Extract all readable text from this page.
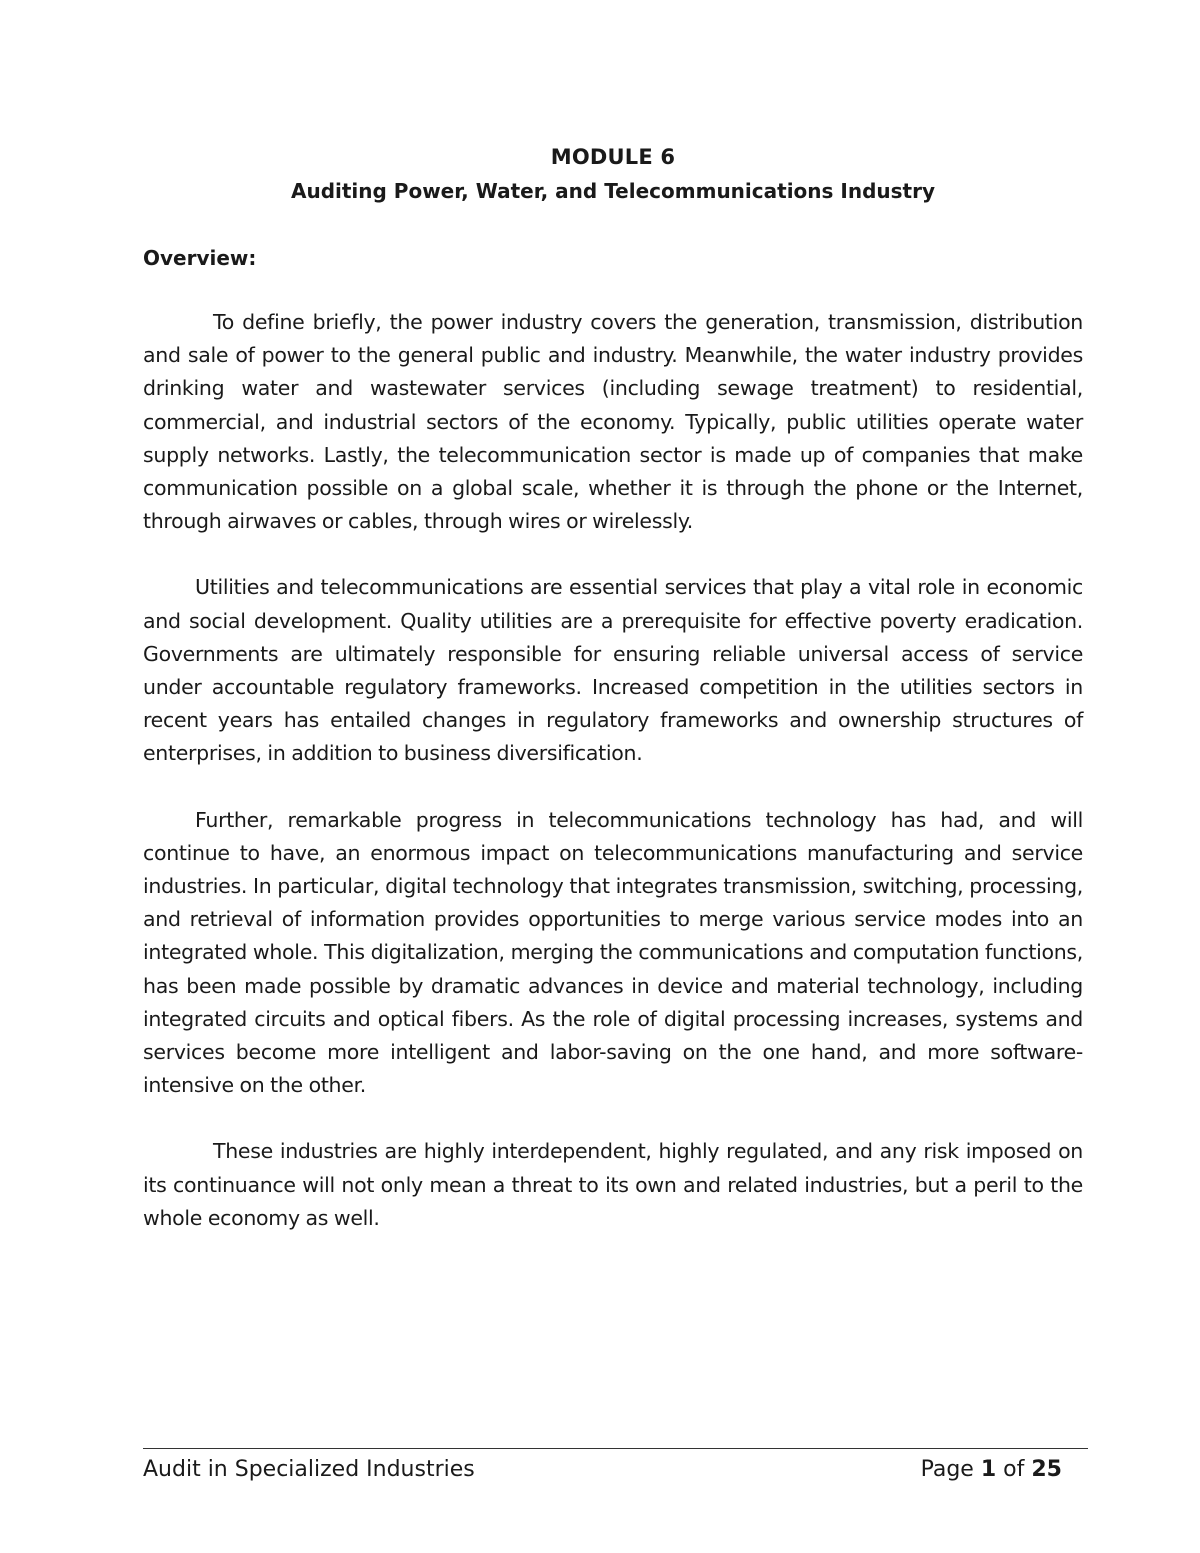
MODULE 6
Auditing Power, Water, and Telecommunications Industry
Overview:

To define briefly, the power industry covers the generation, transmission, distribution and sale of power to the general public and industry. Meanwhile, the water industry provides drinking water and wastewater services (including sewage treatment) to residential, commercial, and industrial sectors of the economy. Typically, public utilities operate water supply networks. Lastly, the telecommunication sector is made up of companies that make communication possible on a global scale, whether it is through the phone or the Internet, through airwaves or cables, through wires or wirelessly.

Utilities and telecommunications are essential services that play a vital role in economic and social development. Quality utilities are a prerequisite for effective poverty eradication. Governments are ultimately responsible for ensuring reliable universal access of service under accountable regulatory frameworks. Increased competition in the utilities sectors in recent years has entailed changes in regulatory frameworks and ownership structures of enterprises, in addition to business diversification.

Further, remarkable progress in telecommunications technology has had, and will continue to have, an enormous impact on telecommunications manufacturing and service industries. In particular, digital technology that integrates transmission, switching, processing, and retrieval of information provides opportunities to merge various service modes into an integrated whole. This digitalization, merging the communications and computation functions, has been made possible by dramatic advances in device and material technology, including integrated circuits and optical fibers. As the role of digital processing increases, systems and services become more intelligent and labor-saving on the one hand, and more software-intensive on the other.

These industries are highly interdependent, highly regulated, and any risk imposed on its continuance will not only mean a threat to its own and related industries, but a peril to the whole economy as well.

Audit in Specialized Industries	Page 1 of 25
